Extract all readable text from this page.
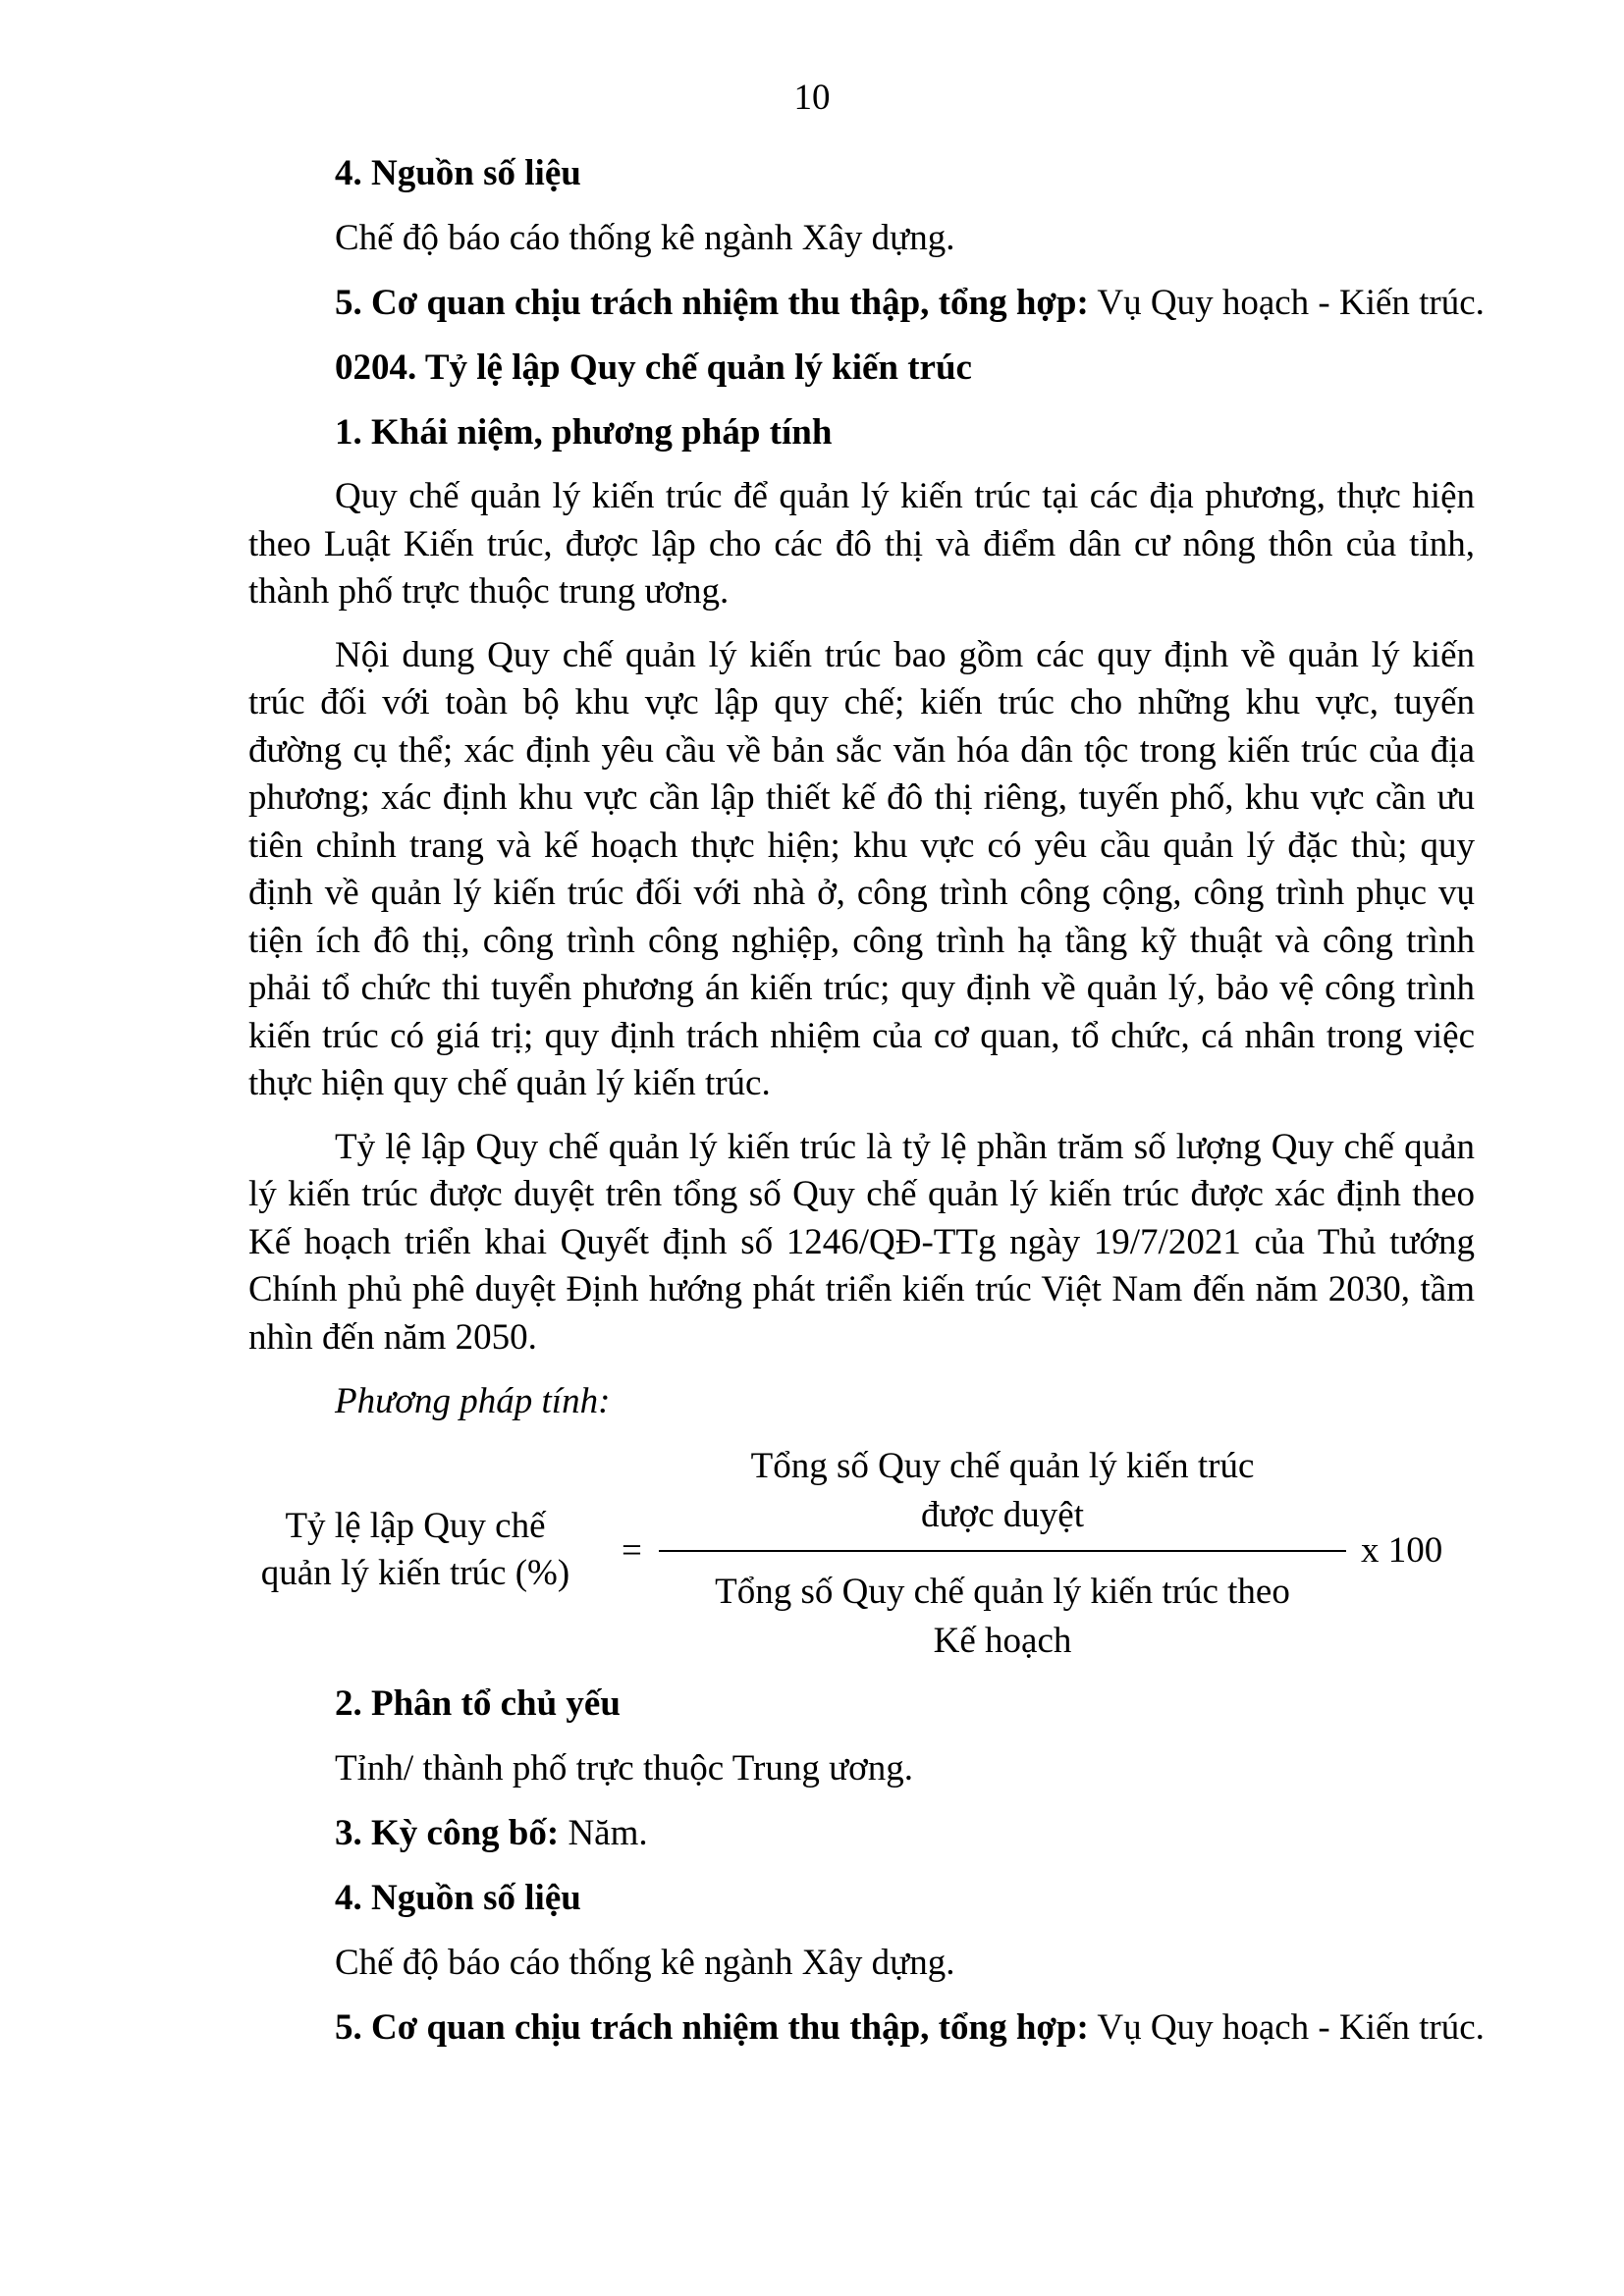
10

4. Nguồn số liệu

Chế độ báo cáo thống kê ngành Xây dựng.

5. Cơ quan chịu trách nhiệm thu thập, tổng hợp: Vụ Quy hoạch - Kiến trúc.

0204. Tỷ lệ lập Quy chế quản lý kiến trúc

1. Khái niệm, phương pháp tính

Quy chế quản lý kiến trúc để quản lý kiến trúc tại các địa phương, thực hiện theo Luật Kiến trúc, được lập cho các đô thị và điểm dân cư nông thôn của tỉnh, thành phố trực thuộc trung ương.

Nội dung Quy chế quản lý kiến trúc bao gồm các quy định về quản lý kiến trúc đối với toàn bộ khu vực lập quy chế; kiến trúc cho những khu vực, tuyến đường cụ thể; xác định yêu cầu về bản sắc văn hóa dân tộc trong kiến trúc của địa phương; xác định khu vực cần lập thiết kế đô thị riêng, tuyến phố, khu vực cần ưu tiên chỉnh trang và kế hoạch thực hiện; khu vực có yêu cầu quản lý đặc thù; quy định về quản lý kiến trúc đối với nhà ở, công trình công cộng, công trình phục vụ tiện ích đô thị, công trình công nghiệp, công trình hạ tầng kỹ thuật và công trình phải tổ chức thi tuyển phương án kiến trúc; quy định về quản lý, bảo vệ công trình kiến trúc có giá trị; quy định trách nhiệm của cơ quan, tổ chức, cá nhân trong việc thực hiện quy chế quản lý kiến trúc.

Tỷ lệ lập Quy chế quản lý kiến trúc là tỷ lệ phần trăm số lượng Quy chế quản lý kiến trúc được duyệt trên tổng số Quy chế quản lý kiến trúc được xác định theo Kế hoạch triển khai Quyết định số 1246/QĐ-TTg ngày 19/7/2021 của Thủ tướng Chính phủ phê duyệt Định hướng phát triển kiến trúc Việt Nam đến năm 2030, tầm nhìn đến năm 2050.

Phương pháp tính:

Tỷ lệ lập Quy chế
quản lý kiến trúc (%)
=
Tổng số Quy chế quản lý kiến trúc
được duyệt
Tổng số Quy chế quản lý kiến trúc theo
Kế hoạch
x 100

2. Phân tổ chủ yếu

Tỉnh/ thành phố trực thuộc Trung ương.

3. Kỳ công bố: Năm.

4. Nguồn số liệu

Chế độ báo cáo thống kê ngành Xây dựng.

5. Cơ quan chịu trách nhiệm thu thập, tổng hợp: Vụ Quy hoạch - Kiến trúc.
